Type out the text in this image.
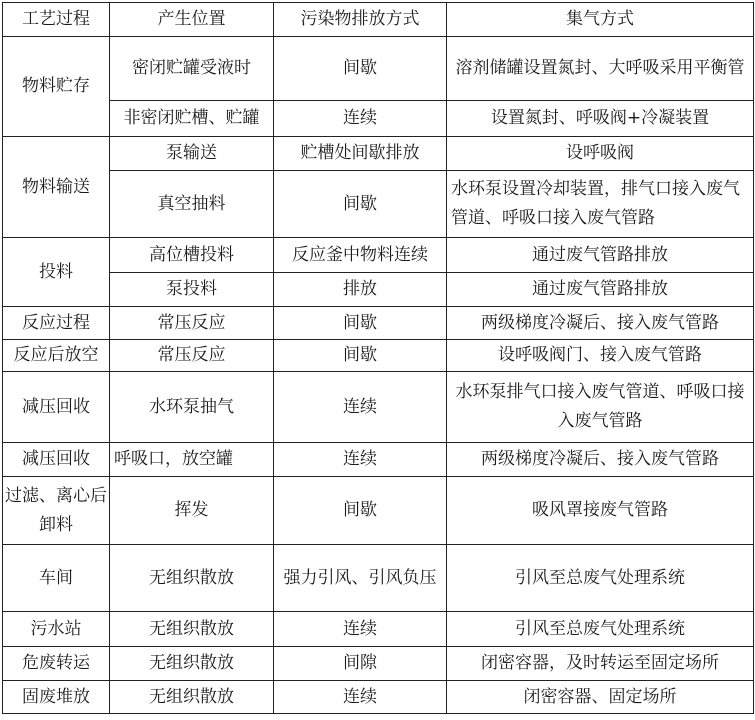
工艺过程	产生位置	污染物排放方式	集气方式
物料贮存	密闭贮罐受液时	间歇	溶剂储罐设置氮封、大呼吸采用平衡管
	非密闭贮槽、贮罐	连续	设置氮封、呼吸阀+冷凝装置
物料输送	泵输送	贮槽处间歇排放	设呼吸阀
	真空抽料	间歇	水环泵设置冷却装置，排气口接入废气管道、呼吸口接入废气管路
投料	高位槽投料	反应釜中物料连续	通过废气管路排放
	泵投料	排放	通过废气管路排放
反应过程	常压反应	间歇	两级梯度冷凝后、接入废气管路
反应后放空	常压反应	间歇	设呼吸阀门、接入废气管路
减压回收	水环泵抽气	连续	水环泵排气口接入废气管道、呼吸口接入废气管路
减压回收	呼吸口，放空罐	连续	两级梯度冷凝后、接入废气管路
过滤、离心后卸料	挥发	间歇	吸风罩接废气管路
车间	无组织散放	强力引风、引风负压	引风至总废气处理系统
污水站	无组织散放	连续	引风至总废气处理系统
危废转运	无组织散放	间隙	闭密容器，及时转运至固定场所
固废堆放	无组织散放	连续	闭密容器、固定场所
